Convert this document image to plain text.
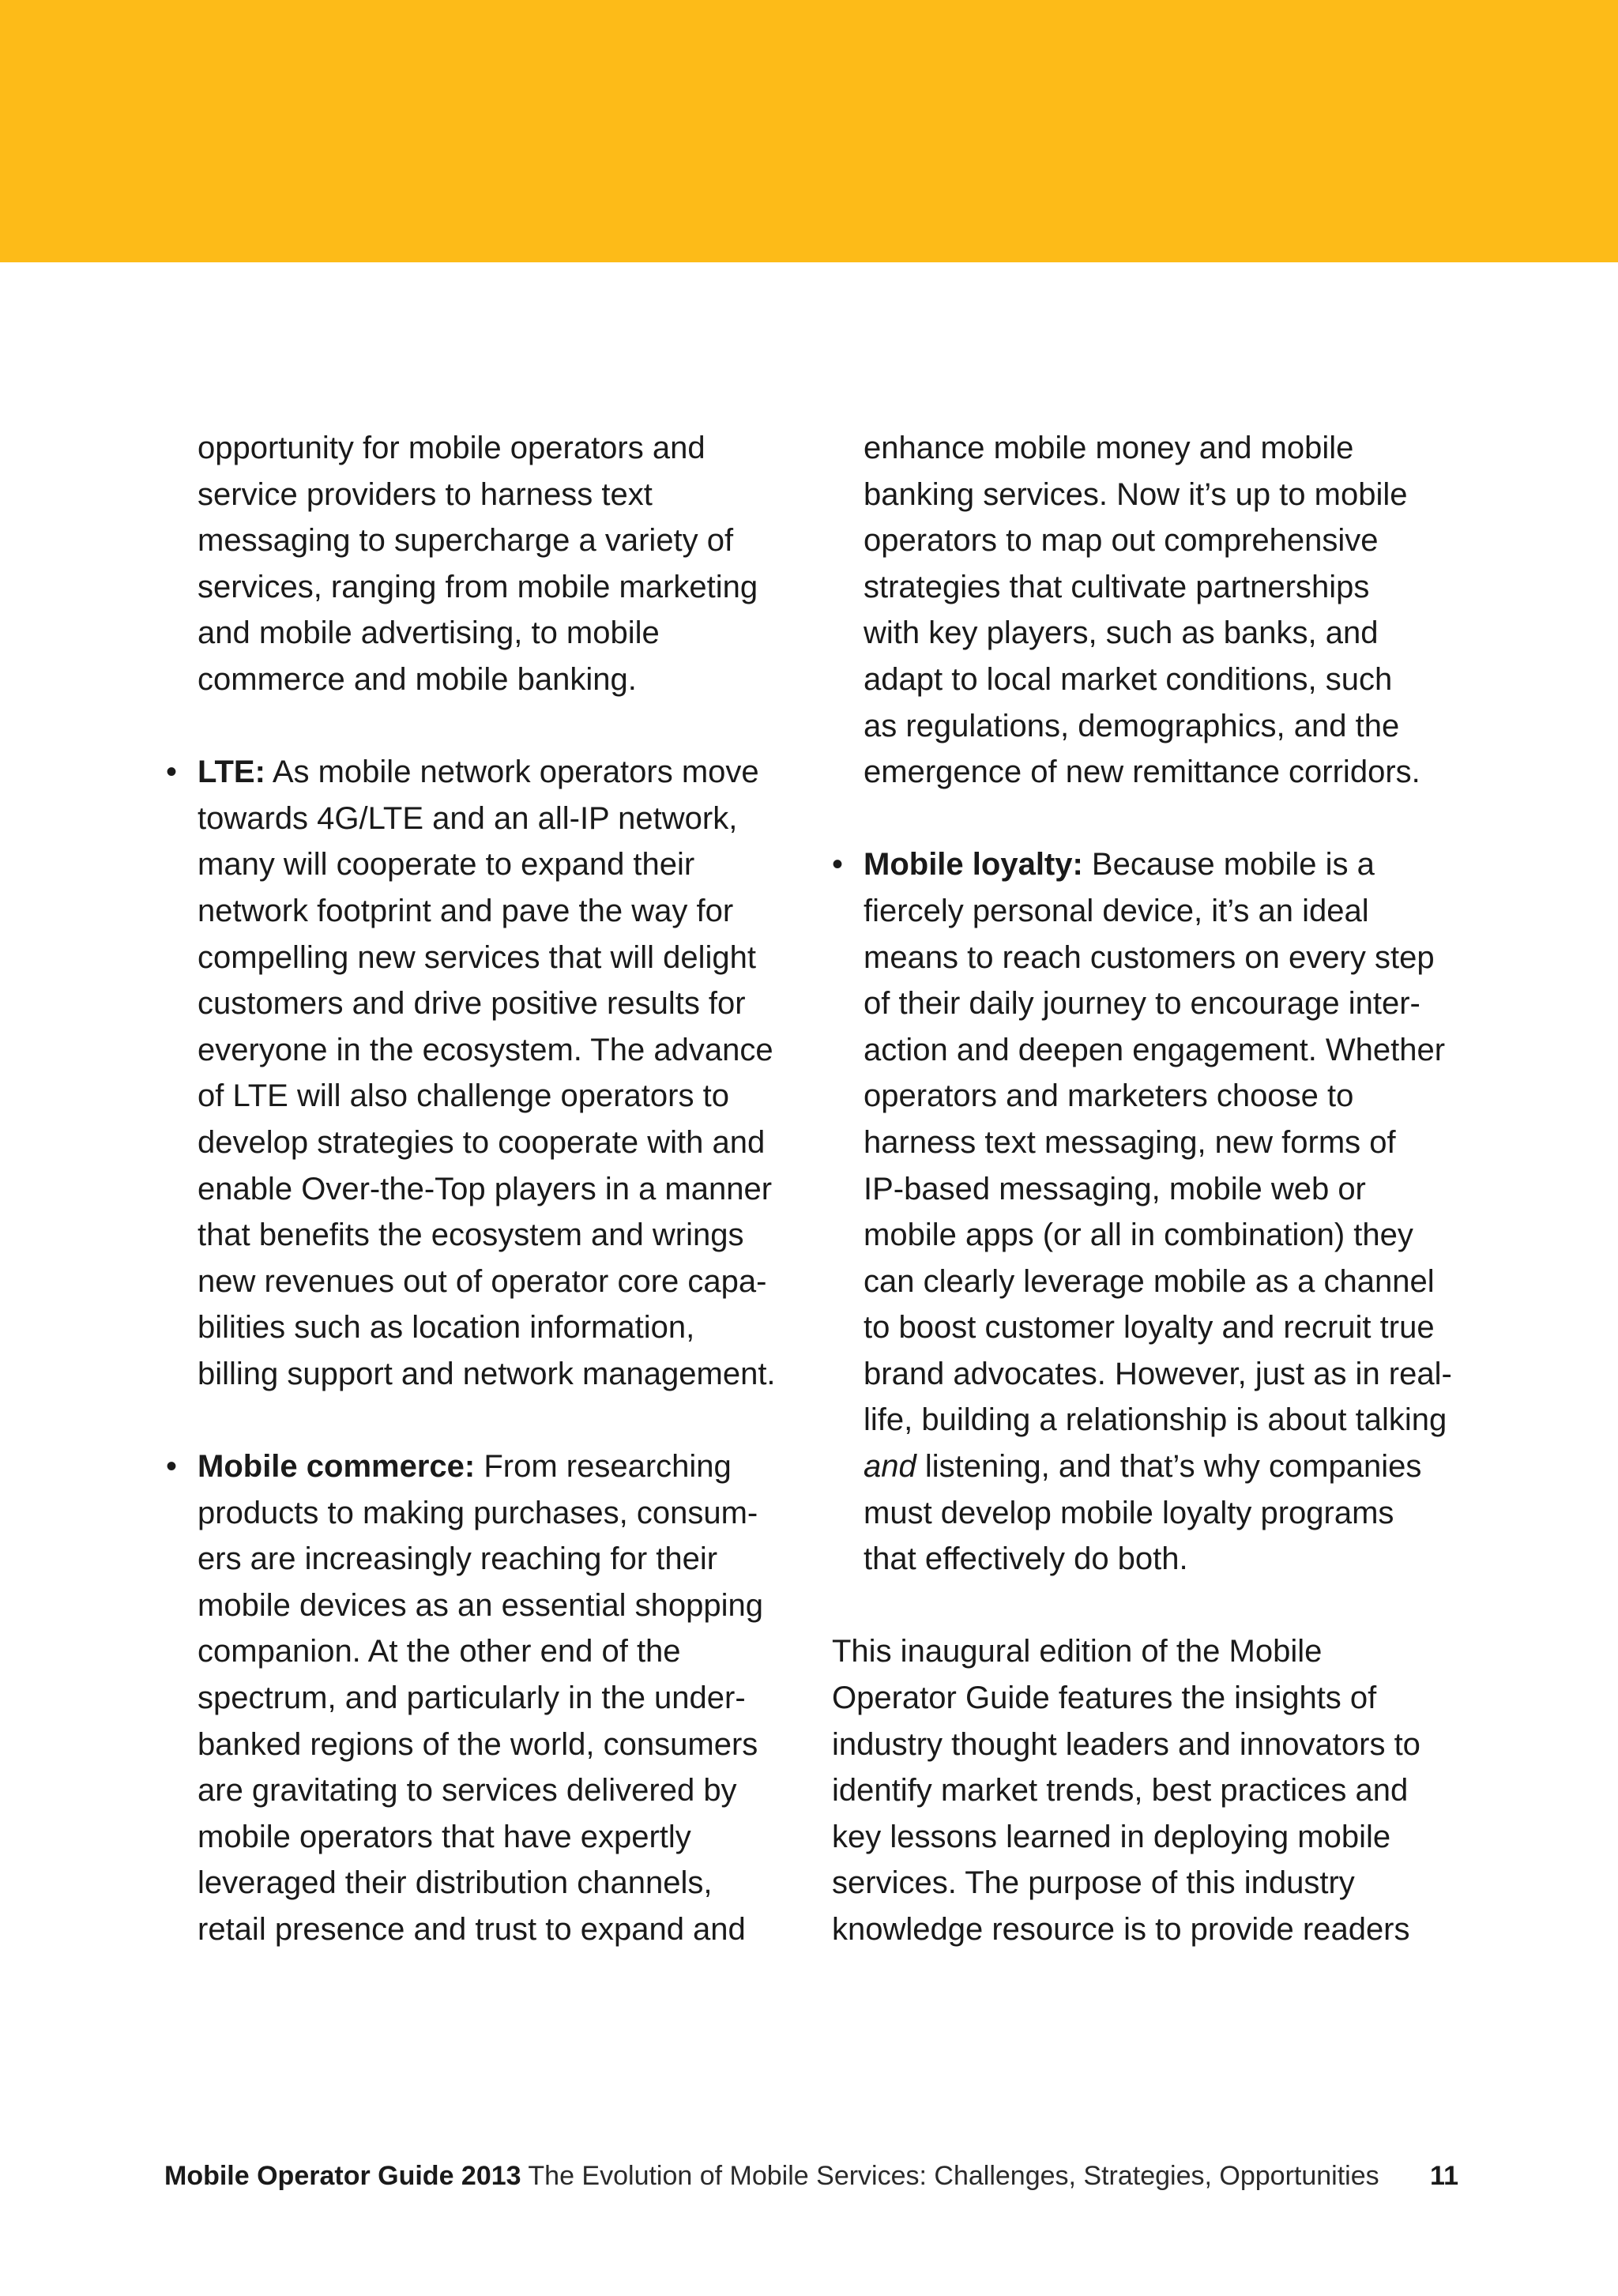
opportunity for mobile operators and
service providers to harness text
messaging to supercharge a variety of
services, ranging from mobile marketing
and mobile advertising, to mobile
commerce and mobile banking.
• LTE: As mobile network operators move
towards 4G/LTE and an all-IP network,
many will cooperate to expand their
network footprint and pave the way for
compelling new services that will delight
customers and drive positive results for
everyone in the ecosystem. The advance
of LTE will also challenge operators to
develop strategies to cooperate with and
enable Over-the-Top players in a manner
that benefits the ecosystem and wrings
new revenues out of operator core capa-
bilities such as location information,
billing support and network management.
• Mobile commerce: From researching
products to making purchases, consum-
ers are increasingly reaching for their
mobile devices as an essential shopping
companion. At the other end of the
spectrum, and particularly in the under-
banked regions of the world, consumers
are gravitating to services delivered by
mobile operators that have expertly
leveraged their distribution channels,
retail presence and trust to expand and
enhance mobile money and mobile
banking services. Now it’s up to mobile
operators to map out comprehensive
strategies that cultivate partnerships
with key players, such as banks, and
adapt to local market conditions, such
as regulations, demographics, and the
emergence of new remittance corridors.
• Mobile loyalty: Because mobile is a
fiercely personal device, it’s an ideal
means to reach customers on every step
of their daily journey to encourage inter-
action and deepen engagement. Whether
operators and marketers choose to
harness text messaging, new forms of
IP-based messaging, mobile web or
mobile apps (or all in combination) they
can clearly leverage mobile as a channel
to boost customer loyalty and recruit true
brand advocates. However, just as in real-
life, building a relationship is about talking
and listening, and that’s why companies
must develop mobile loyalty programs
that effectively do both.
This inaugural edition of the Mobile
Operator Guide features the insights of
industry thought leaders and innovators to
identify market trends, best practices and
key lessons learned in deploying mobile
services. The purpose of this industry
knowledge resource is to provide readers
Mobile Operator Guide 2013 The Evolution of Mobile Services: Challenges, Strategies, Opportunities	11
